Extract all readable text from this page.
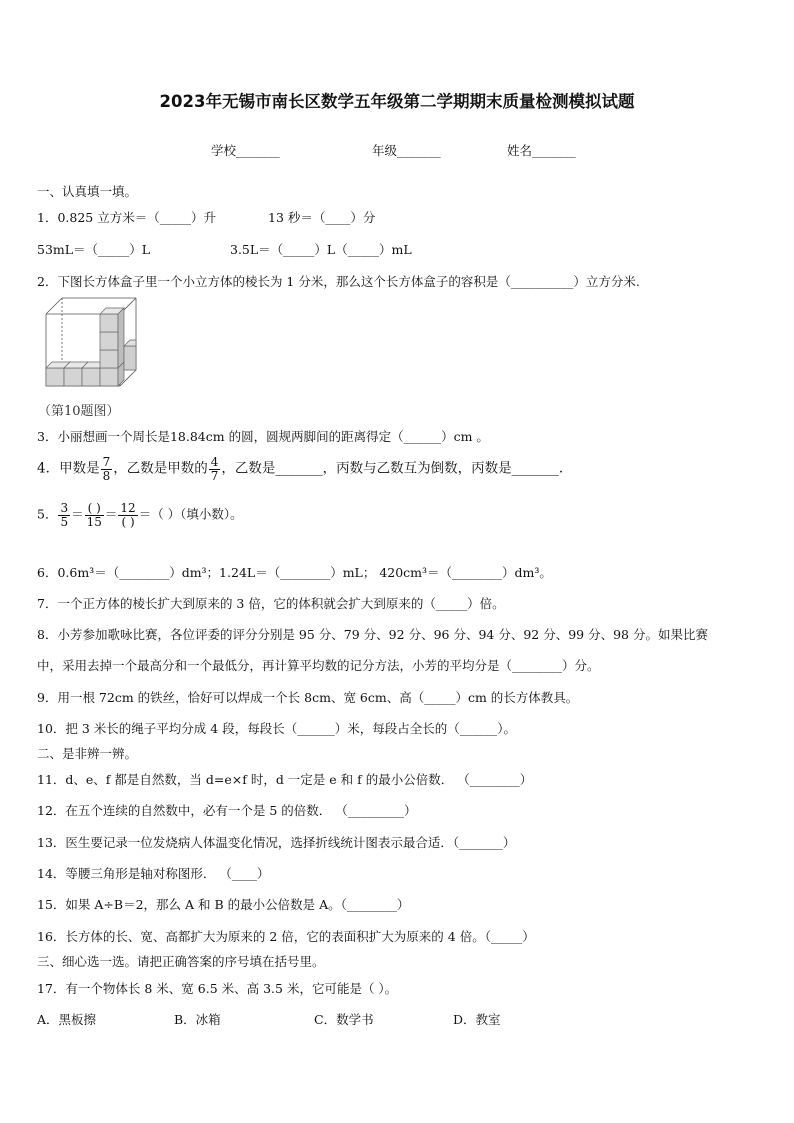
2023年无锡市南长区数学五年级第二学期期末质量检测模拟试题
学校_______	年级_______	姓名_______
一、认真填一填。
1．0.825 立方米＝（_____）升	13 秒＝（____）分
53mL＝（_____）L	3.5L＝（_____）L（_____）mL
2．下图长方体盒子里一个小立方体的棱长为 1 分米，那么这个长方体盒子的容积是（__________）立方分米.
（第10题图）
3．小丽想画一个周长是18.84cm 的圆，圆规两脚间的距离得定（______）cm 。
4．甲数是 $\frac{7}{8}$ ，乙数是甲数的 $\frac{4}{7}$ ，乙数是_______，丙数与乙数互为倒数，丙数是_______.
5． $\frac{3}{5} = \frac{( )}{15} = \frac{12}{( )}$ ＝（ ）（填小数）。
6．0.6m³＝（________）dm³；1.24L＝（________）mL； 420cm³＝（________）dm³。
7．一个正方体的棱长扩大到原来的 3 倍，它的体积就会扩大到原来的（_____）倍。
8．小芳参加歌咏比赛，各位评委的评分分别是 95 分、79 分、92 分、96 分、94 分、92 分、99 分、98 分。如果比赛
中，采用去掉一个最高分和一个最低分，再计算平均数的记分方法，小芳的平均分是（________）分。
9．用一根 72cm 的铁丝，恰好可以焊成一个长 8cm、宽 6cm、高（_____）cm 的长方体教具。
10．把 3 米长的绳子平均分成 4 段，每段长（______）米，每段占全长的（______）。
二、是非辨一辨。
11．d、e、f 都是自然数，当 d=e×f 时，d 一定是 e 和 f 的最小公倍数． （________）
12．在五个连续的自然数中，必有一个是 5 的倍数． （_________）
13．医生要记录一位发烧病人体温变化情况，选择折线统计图表示最合适．（_______）
14．等腰三角形是轴对称图形． （____）
15．如果 A÷B＝2，那么 A 和 B 的最小公倍数是 A。（________）
16．长方体的长、宽、高都扩大为原来的 2 倍，它的表面积扩大为原来的 4 倍。（_____）
三、细心选一选。请把正确答案的序号填在括号里。
17．有一个物体长 8 米、宽 6.5 米、高 3.5 米，它可能是（ ）。
A．黑板擦	B．冰箱	C．数学书	D．教室
